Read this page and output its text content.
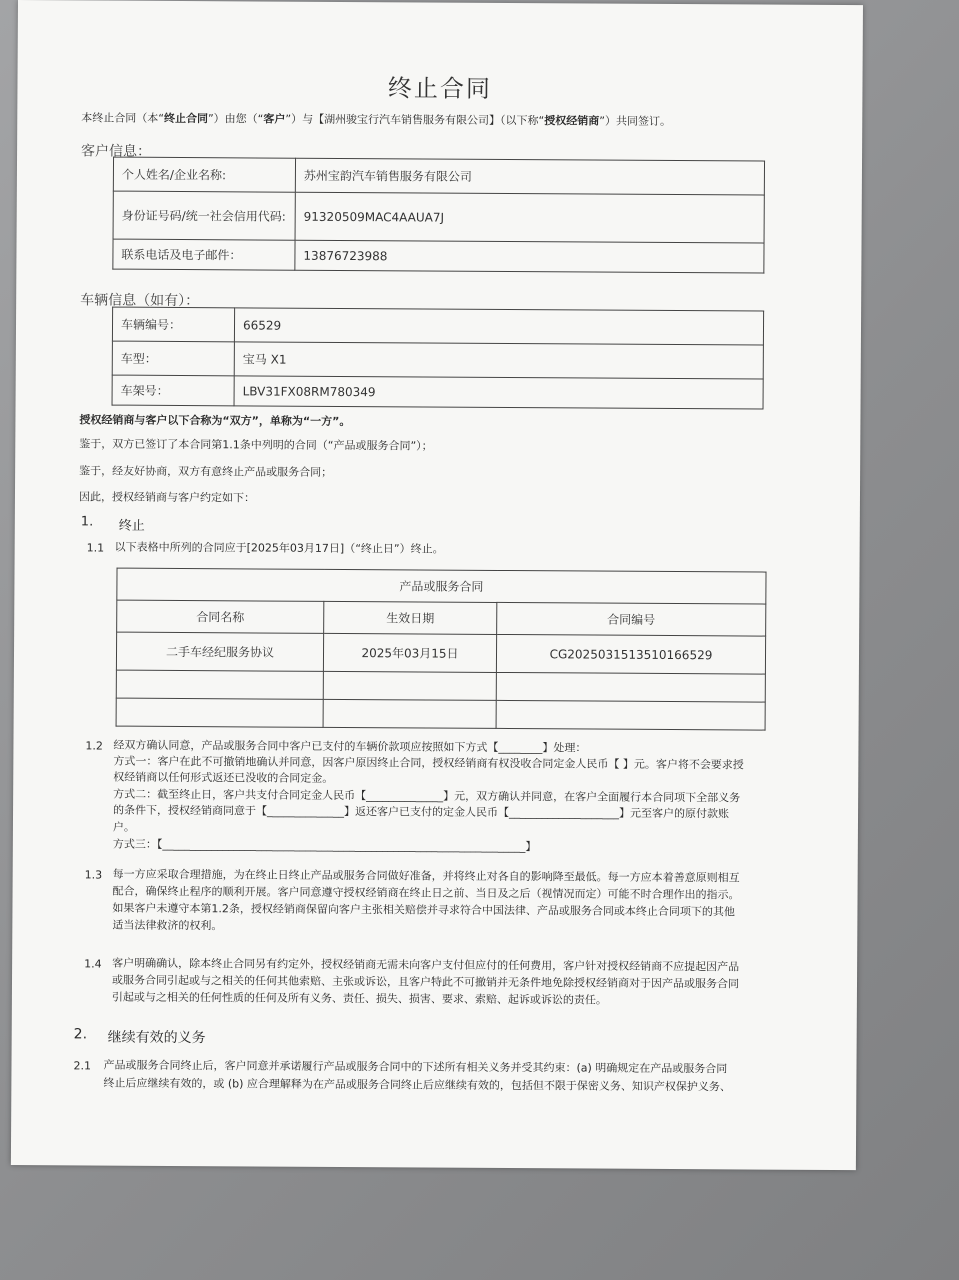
终止合同
本终止合同（本“终止合同”）由您（“客户”）与【湖州骏宝行汽车销售服务有限公司】（以下称“授权经销商”）共同签订。
客户信息：
个人姓名/企业名称:	苏州宝韵汽车销售服务有限公司
身份证号码/统一社会信用代码:	91320509MAC4AAUA7J
联系电话及电子邮件：	13876723988
车辆信息（如有）：
车辆编号：	66529
车型：	宝马 X1
车架号：	LBV31FX08RM780349
授权经销商与客户以下合称为“双方”，单称为“一方”。
鉴于，双方已签订了本合同第1.1条中列明的合同（“产品或服务合同”）；
鉴于，经友好协商，双方有意终止产品或服务合同；
因此，授权经销商与客户约定如下：
1. 终止
1.1 以下表格中所列的合同应于[2025年03月17日]（“终止日”）终止。
产品或服务合同		
合同名称	生效日期	合同编号
二手车经纪服务协议	2025年03月15日	CG2025031513510166529

1.2 经双方确认同意，产品或服务合同中客户已支付的车辆价款项应按照如下方式【________】处理：
方式一：客户在此不可撤销地确认并同意，因客户原因终止合同，授权经销商有权没收合同定金人民币【 】元。客户将不会要求授
权经销商以任何形式返还已没收的合同定金。
方式二：截至终止日，客户共支付合同定金人民币【______________】元，双方确认并同意，在客户全面履行本合同项下全部义务
的条件下，授权经销商同意于【______________】返还客户已支付的定金人民币【____________________】元至客户的原付款账
户。
方式三：【__________________________________________________________________】
1.3 每一方应采取合理措施，为在终止日终止产品或服务合同做好准备，并将终止对各自的影响降至最低。每一方应本着善意原则相互
配合，确保终止程序的顺利开展。客户同意遵守授权经销商在终止日之前、当日及之后（视情况而定）可能不时合理作出的指示。
如果客户未遵守本第1.2条，授权经销商保留向客户主张相关赔偿并寻求符合中国法律、产品或服务合同或本终止合同项下的其他
适当法律救济的权利。
1.4 客户明确确认，除本终止合同另有约定外，授权经销商无需未向客户支付但应付的任何费用，客户针对授权经销商不应提起因产品
或服务合同引起或与之相关的任何其他索赔、主张或诉讼，且客户特此不可撤销并无条件地免除授权经销商对于因产品或服务合同
引起或与之相关的任何性质的任何及所有义务、责任、损失、损害、要求、索赔、起诉或诉讼的责任。
2. 继续有效的义务
2.1 产品或服务合同终止后，客户同意并承诺履行产品或服务合同中的下述所有相关义务并受其约束：(a) 明确规定在产品或服务合同
终止后应继续有效的，或 (b) 应合理解释为在产品或服务合同终止后应继续有效的，包括但不限于保密义务、知识产权保护义务、
